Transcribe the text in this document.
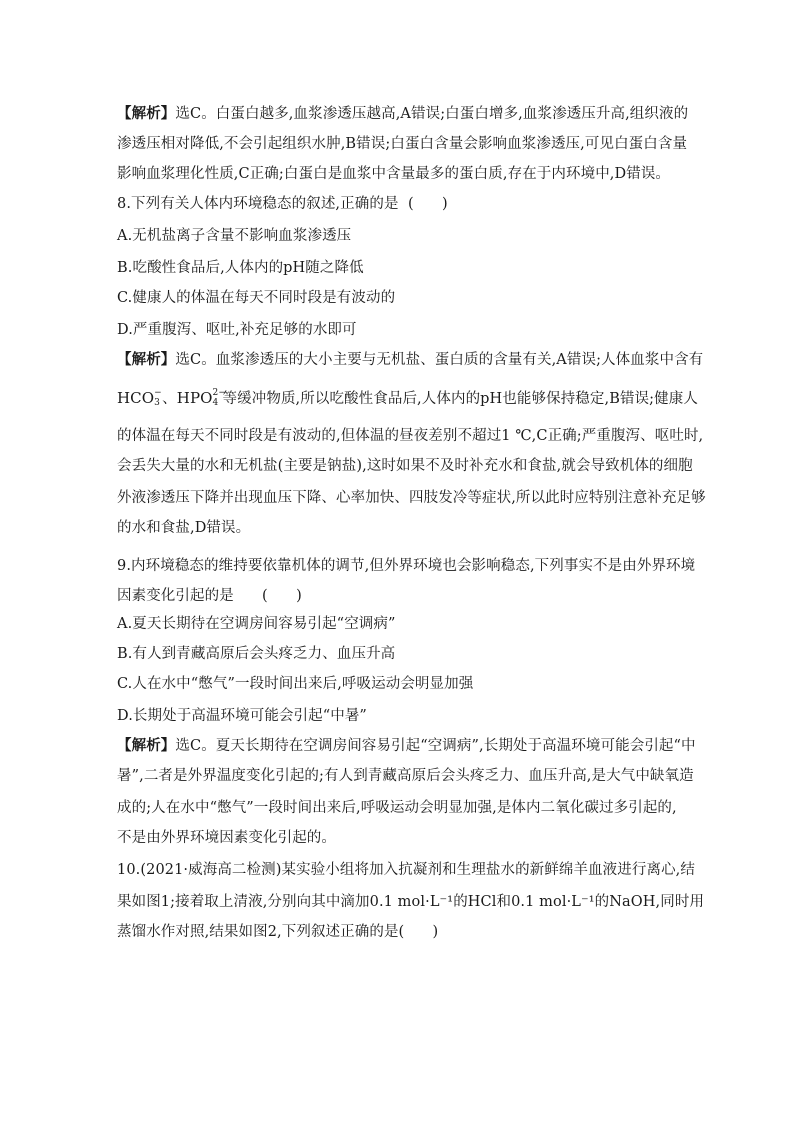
【解析】选C。白蛋白越多,血浆渗透压越高,A错误;白蛋白增多,血浆渗透压升高,组织液的
渗透压相对降低,不会引起组织水肿,B错误;白蛋白含量会影响血浆渗透压,可见白蛋白含量
影响血浆理化性质,C正确;白蛋白是血浆中含量最多的蛋白质,存在于内环境中,D错误。
8.下列有关人体内环境稳态的叙述,正确的是  (      )
A.无机盐离子含量不影响血浆渗透压
B.吃酸性食品后,人体内的pH随之降低
C.健康人的体温在每天不同时段是有波动的
D.严重腹泻、呕吐,补充足够的水即可
【解析】选C。血浆渗透压的大小主要与无机盐、蛋白质的含量有关,A错误;人体血浆中含有
HCO −
3 、HPO 2−
4 等缓冲物质,所以吃酸性食品后,人体内的pH也能够保持稳定,B错误;健康人
的体温在每天不同时段是有波动的,但体温的昼夜差别不超过1 ℃,C正确;严重腹泻、呕吐时,
会丢失大量的水和无机盐(主要是钠盐),这时如果不及时补充水和食盐,就会导致机体的细胞
外液渗透压下降并出现血压下降、心率加快、四肢发冷等症状,所以此时应特别注意补充足够
的水和食盐,D错误。
9.内环境稳态的维持要依靠机体的调节,但外界环境也会影响稳态,下列事实不是由外界环境
因素变化引起的是      (      )
A.夏天长期待在空调房间容易引起“空调病”
B.有人到青藏高原后会头疼乏力、血压升高
C.人在水中“憋气”一段时间出来后,呼吸运动会明显加强
D.长期处于高温环境可能会引起“中暑”
【解析】选C。夏天长期待在空调房间容易引起“空调病”,长期处于高温环境可能会引起“中
暑”,二者是外界温度变化引起的;有人到青藏高原后会头疼乏力、血压升高,是大气中缺氧造
成的;人在水中“憋气”一段时间出来后,呼吸运动会明显加强,是体内二氧化碳过多引起的,
不是由外界环境因素变化引起的。
10.(2021·威海高二检测)某实验小组将加入抗凝剂和生理盐水的新鲜绵羊血液进行离心,结
果如图1;接着取上清液,分别向其中滴加0.1 mol·L⁻¹的HCl和0.1 mol·L⁻¹的NaOH,同时用
蒸馏水作对照,结果如图2,下列叙述正确的是(      )
